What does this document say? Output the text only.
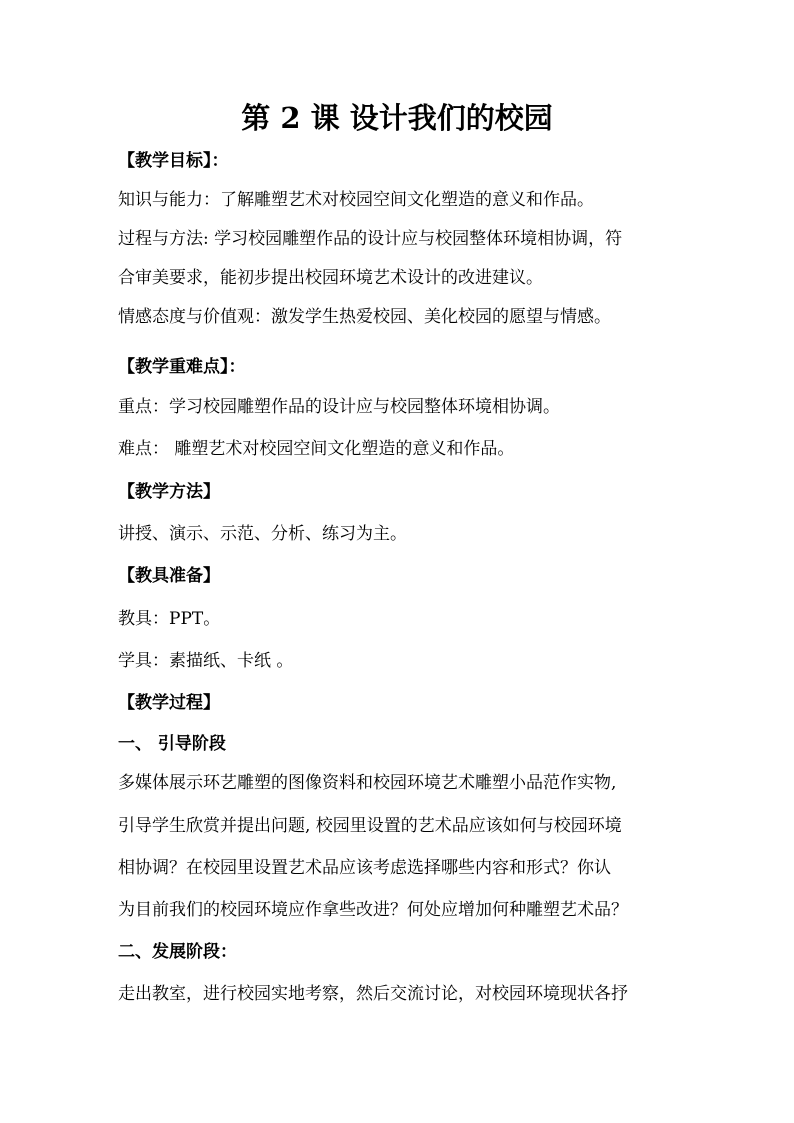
第 2 课 设计我们的校园
【教学目标】：
知识与能力：了解雕塑艺术对校园空间文化塑造的意义和作品。
过程与方法: 学习校园雕塑作品的设计应与校园整体环境相协调，符
合审美要求，能初步提出校园环境艺术设计的改进建议。
情感态度与价值观：激发学生热爱校园、美化校园的愿望与情感。
【教学重难点】：
重点：学习校园雕塑作品的设计应与校园整体环境相协调。
难点： 雕塑艺术对校园空间文化塑造的意义和作品。
【教学方法】
讲授、演示、示范、分析、练习为主。
【教具准备】
教具：PPT。
学具：素描纸、卡纸 。
【教学过程】
一、 引导阶段
多媒体展示环艺雕塑的图像资料和校园环境艺术雕塑小品范作实物,
引导学生欣赏并提出问题, 校园里设置的艺术品应该如何与校园环境
相协调？在校园里设置艺术品应该考虑选择哪些内容和形式？你认
为目前我们的校园环境应作拿些改进？何处应增加何种雕塑艺术品？
二、发展阶段：
走出教室，进行校园实地考察，然后交流讨论，对校园环境现状各抒
